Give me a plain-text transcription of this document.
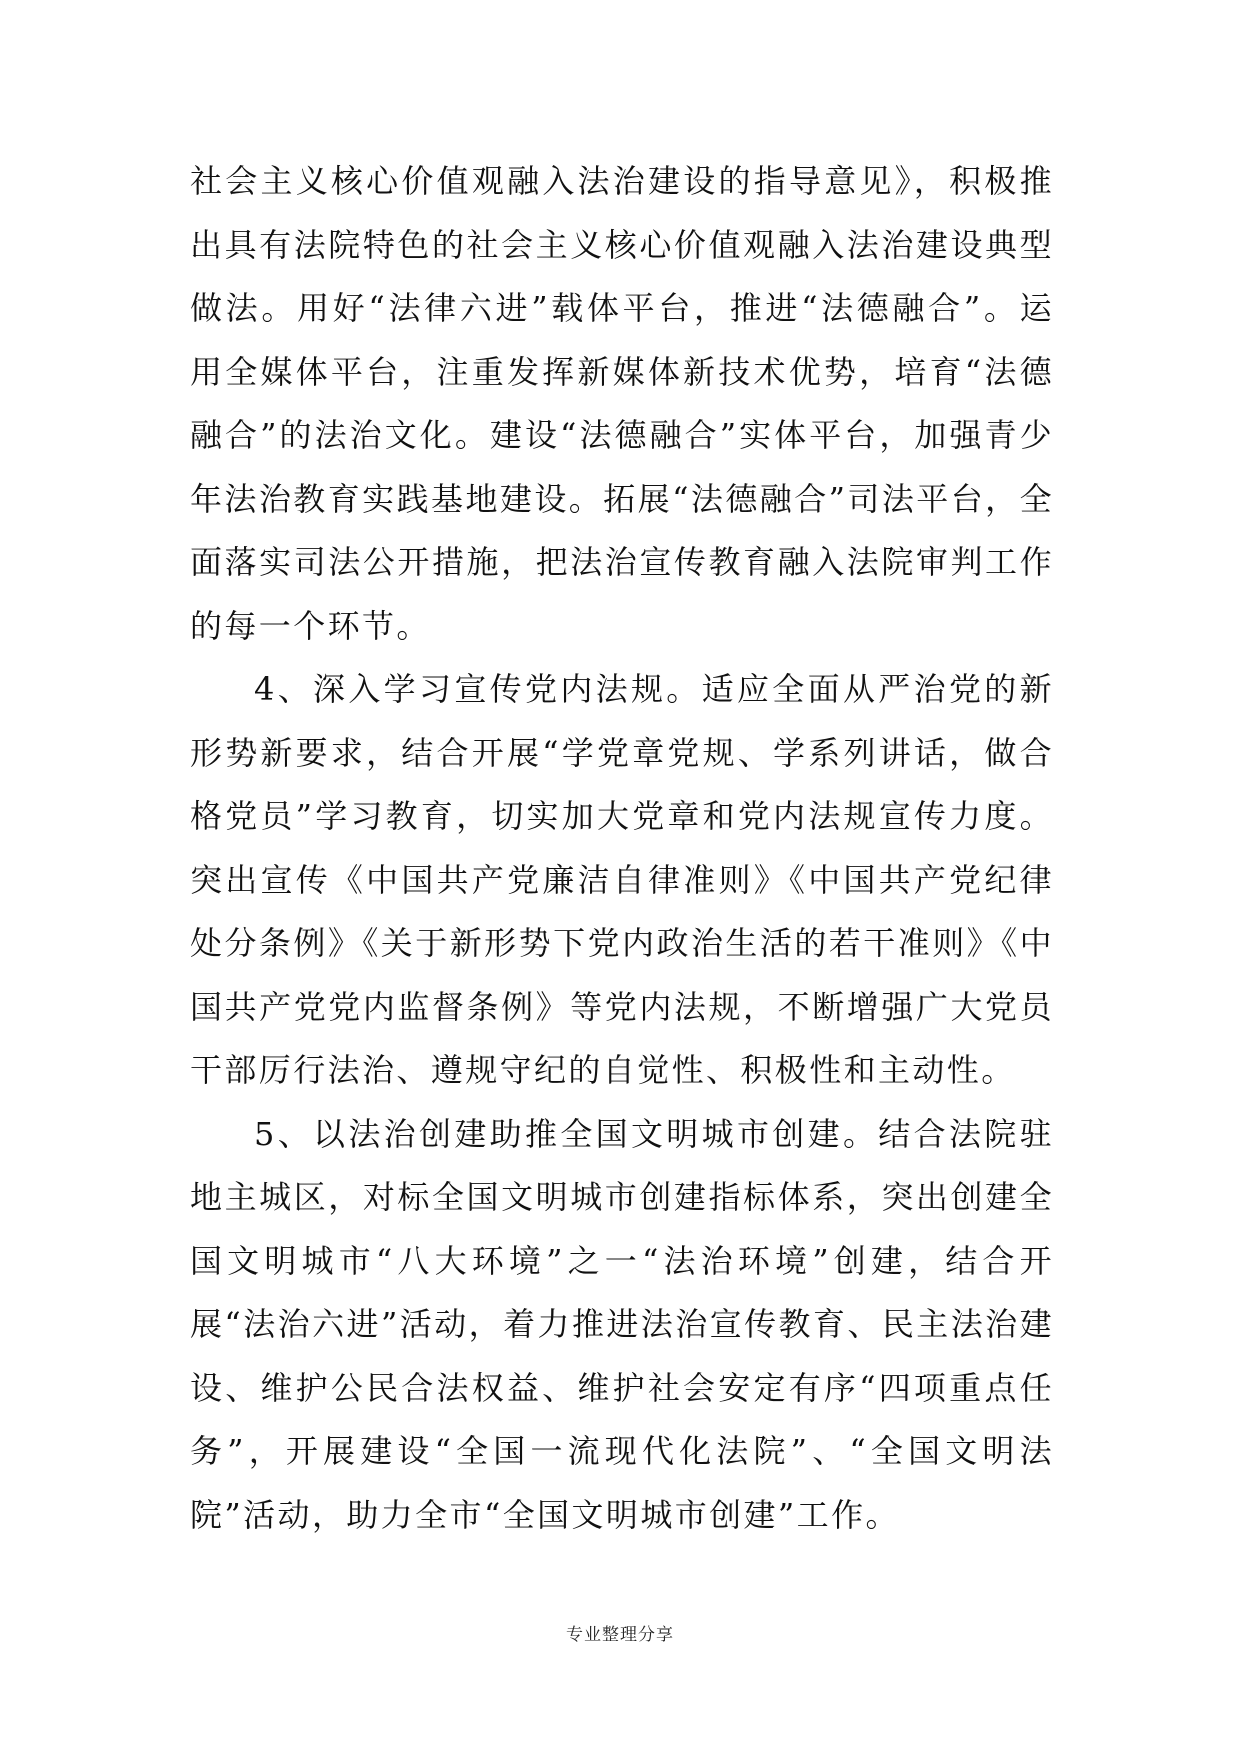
社会主义核心价值观融入法治建设的指导意见》，积极推出具有法院特色的社会主义核心价值观融入法治建设典型做法。用好“法律六进”载体平台，推进“法德融合”。运用全媒体平台，注重发挥新媒体新技术优势，培育“法德融合”的法治文化。建设“法德融合”实体平台，加强青少年法治教育实践基地建设。拓展“法德融合”司法平台，全面落实司法公开措施，把法治宣传教育融入法院审判工作的每一个环节。

4、深入学习宣传党内法规。适应全面从严治党的新形势新要求，结合开展“学党章党规、学系列讲话，做合格党员”学习教育，切实加大党章和党内法规宣传力度。突出宣传《中国共产党廉洁自律准则》《中国共产党纪律处分条例》《关于新形势下党内政治生活的若干准则》《中国共产党党内监督条例》等党内法规，不断增强广大党员干部厉行法治、遵规守纪的自觉性、积极性和主动性。

5、以法治创建助推全国文明城市创建。结合法院驻地主城区，对标全国文明城市创建指标体系，突出创建全国文明城市“八大环境”之一“法治环境”创建，结合开展“法治六进”活动，着力推进法治宣传教育、民主法治建设、维护公民合法权益、维护社会安定有序“四项重点任务”，开展建设“全国一流现代化法院”、“全国文明法院”活动，助力全市“全国文明城市创建”工作。

专业整理分享
